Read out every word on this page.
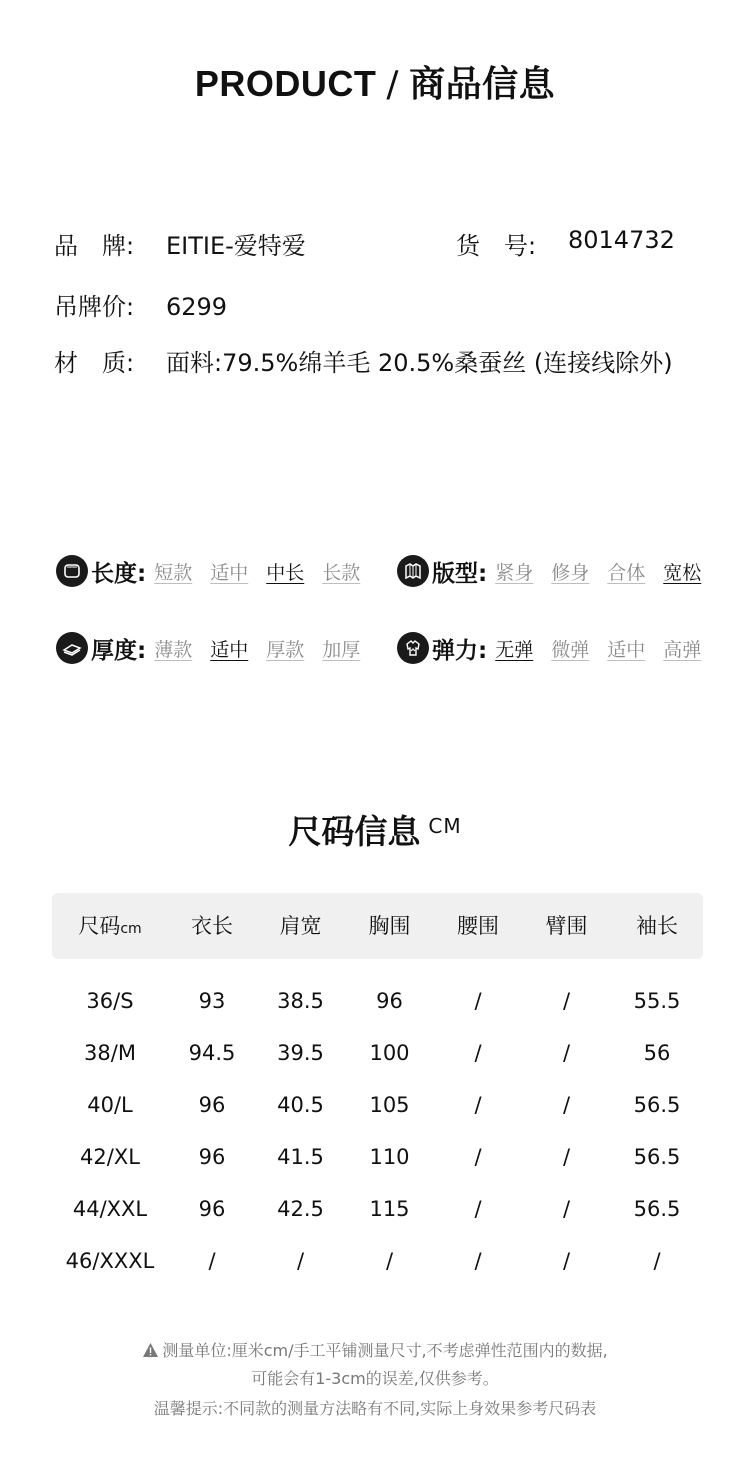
PRODUCT / 商品信息
品　牌: EITIE-爱特爱	货　号: 8014732
吊牌价: 6299
材　质: 面料:79.5%绵羊毛 20.5%桑蚕丝 (连接线除外)
长度: 短款 适中 中长 长款	版型: 紧身 修身 合体 宽松
厚度: 薄款 适中 厚款 加厚	弹力: 无弹 微弹 适中 高弹
尺码信息 $^{CM}$
尺码cm	衣长	肩宽	胸围	腰围	臂围	袖长
36/S	93	38.5	96	/	/	55.5
38/M	94.5	39.5	100	/	/	56
40/L	96	40.5	105	/	/	56.5
42/XL	96	41.5	110	/	/	56.5
44/XXL	96	42.5	115	/	/	56.5
46/XXXL	/	/	/	/	/	/
测量单位:厘米cm/手工平铺测量尺寸,不考虑弹性范围内的数据,
可能会有1-3cm的误差,仅供参考。
温馨提示:不同款的测量方法略有不同,实际上身效果参考尺码表
